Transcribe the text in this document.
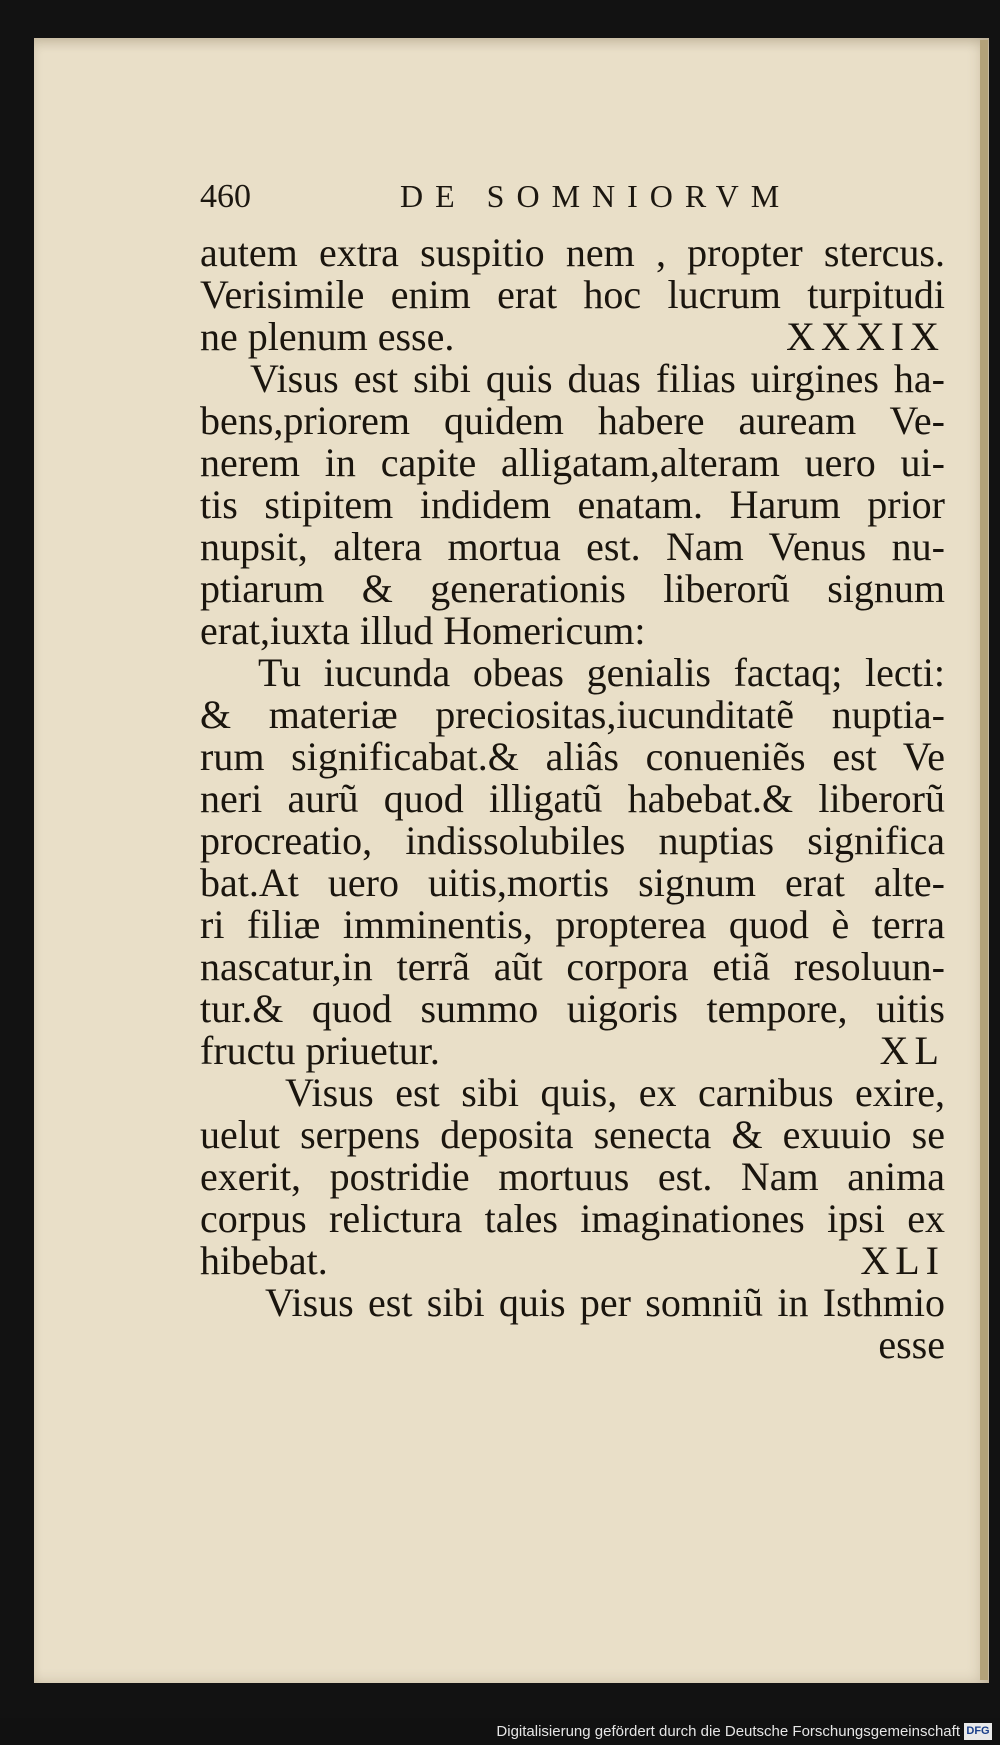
460	DE SOMNIORVM

autem extra suspitio nem , propter stercus.

Verisimile enim erat hoc lucrum turpitudi

ne plenum esse.	XXXIX

Visus est sibi quis duas filias uirgines ha-

bens,priorem quidem habere auream Ve-

nerem in capite alligatam,alteram uero ui-

tis stipitem indidem enatam. Harum prior

nupsit, altera mortua est. Nam Venus nu-

ptiarum & generationis liberorũ signum

erat,iuxta illud Homericum:

Tu iucunda obeas genialis factaq; lecti:

& materiæ preciositas,iucunditatẽ nuptia-

rum significabat.& aliâs conueniẽs est Ve

neri aurũ quod illigatũ habebat.& liberorũ

procreatio, indissolubiles nuptias significa

bat.At uero uitis,mortis signum erat alte-

ri filiæ imminentis, propterea quod è terra

nascatur,in terrã aũt corpora etiã resoluun-

tur.& quod summo uigoris tempore, uitis

fructu priuetur.	XL

Visus est sibi quis, ex carnibus exire,

uelut serpens deposita senecta & exuuio se

exerit, postridie mortuus est. Nam anima

corpus relictura tales imaginationes ipsi ex

hibebat.	XLI

Visus est sibi quis per somniũ in Isthmio

esse

Digitalisierung gefördert durch die Deutsche Forschungsgemeinschaft DFG
